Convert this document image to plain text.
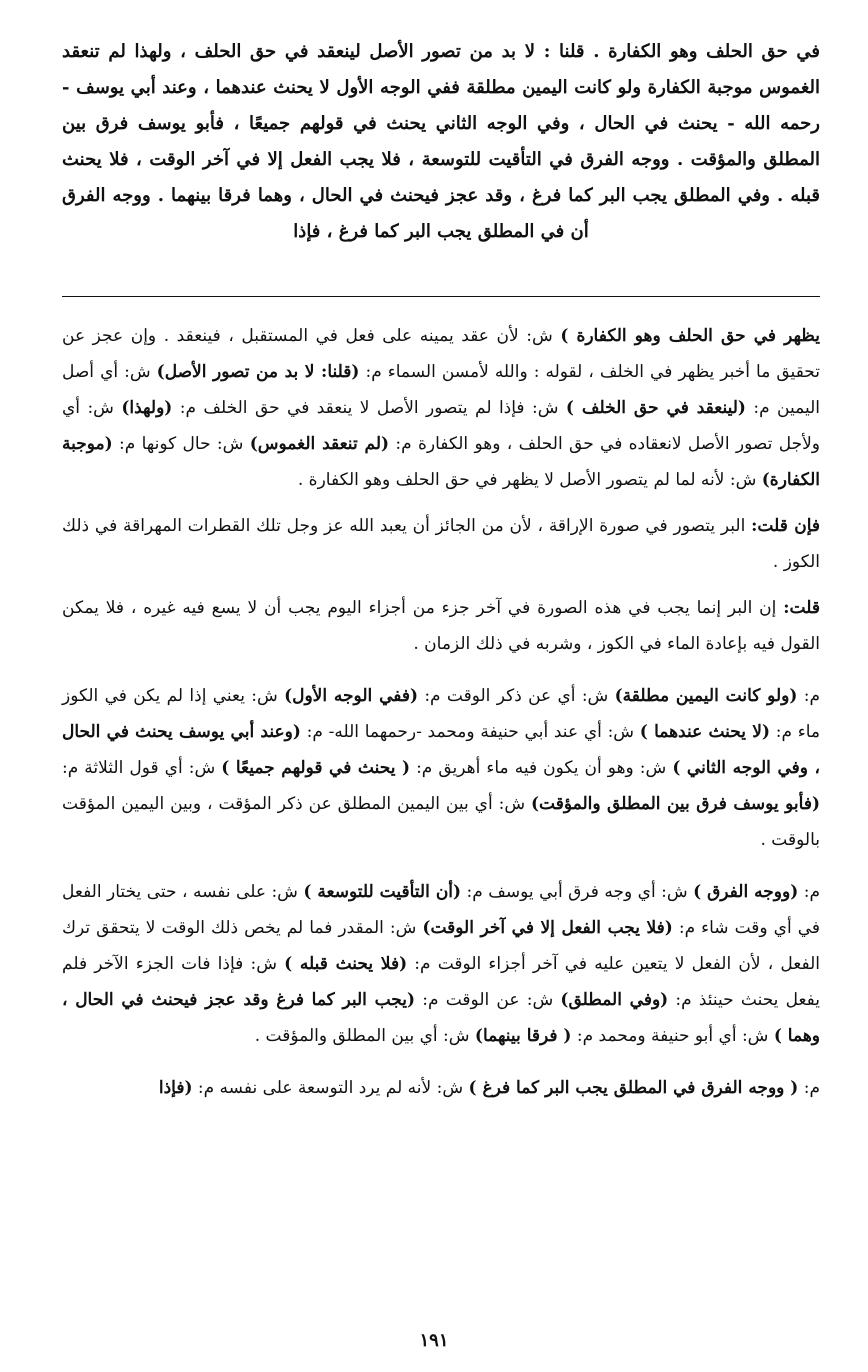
في حق الحلف وهو الكفارة . قلنا : لا بد من تصور الأصل لينعقد في حق الحلف ، ولهذا لم تنعقد الغموس موجبة الكفارة ولو كانت اليمين مطلقة ففي الوجه الأول لا يحنث عندهما ، وعند أبي يوسف - رحمه الله - يحنث في الحال ، وفي الوجه الثاني يحنث في قولهم جميعًا ، فأبو يوسف فرق بين المطلق والمؤقت . ووجه الفرق في التأقيت للتوسعة ، فلا يجب الفعل إلا في آخر الوقت ، فلا يحنث قبله . وفي المطلق يجب البر كما فرغ ، وقد عجز فيحنث في الحال ، وهما فرقا بينهما . ووجه الفرق أن في المطلق يجب البر كما فرغ ، فإذا

يظهر في حق الحلف وهو الكفارة ) ش: لأن عقد يمينه على فعل في المستقبل ، فينعقد . وإن عجز عن تحقيق ما أخبر يظهر في الخلف ، لقوله : والله لأمسن السماء م: (قلنا: لا بد من تصور الأصل) ش: أي أصل اليمين م: (لينعقد في حق الخلف ) ش: فإذا لم يتصور الأصل لا ينعقد في حق الخلف م: (ولهذا) ش: أي ولأجل تصور الأصل لانعقاده في حق الحلف ، وهو الكفارة م: (لم تنعقد الغموس) ش: حال كونها م: (موجبة الكفارة) ش: لأنه لما لم يتصور الأصل لا يظهر في حق الحلف وهو الكفارة .

فإن قلت: البر يتصور في صورة الإراقة ، لأن من الجائز أن يعبد الله عز وجل تلك القطرات المهراقة في ذلك الكوز .

قلت: إن البر إنما يجب في هذه الصورة في آخر جزء من أجزاء اليوم يجب أن لا يسع فيه غيره ، فلا يمكن القول فيه بإعادة الماء في الكوز ، وشربه في ذلك الزمان .

م: (ولو كانت اليمين مطلقة) ش: أي عن ذكر الوقت م: (ففي الوجه الأول) ش: يعني إذا لم يكن في الكوز ماء م: (لا يحنث عندهما ) ش: أي عند أبي حنيفة ومحمد -رحمهما الله- م: (وعند أبي يوسف يحنث في الحال ، وفي الوجه الثاني ) ش: وهو أن يكون فيه ماء أهريق م: ( يحنث في قولهم جميعًا ) ش: أي قول الثلاثة م: (فأبو يوسف فرق بين المطلق والمؤقت) ش: أي بين اليمين المطلق عن ذكر المؤقت ، وبين اليمين المؤقت بالوقت .

م: (ووجه الفرق ) ش: أي وجه فرق أبي يوسف م: (أن التأقيت للتوسعة ) ش: على نفسه ، حتى يختار الفعل في أي وقت شاء م: (فلا يجب الفعل إلا في آخر الوقت) ش: المقدر فما لم يخص ذلك الوقت لا يتحقق ترك الفعل ، لأن الفعل لا يتعين عليه في آخر أجزاء الوقت م: (فلا يحنث قبله ) ش: فإذا فات الجزء الآخر فلم يفعل يحنث حينئذ م: (وفي المطلق) ش: عن الوقت م: (يجب البر كما فرغ وقد عجز فيحنث في الحال ، وهما ) ش: أي أبو حنيفة ومحمد م: ( فرقا بينهما) ش: أي بين المطلق والمؤقت .

م: ( ووجه الفرق في المطلق يجب البر كما فرغ ) ش: لأنه لم يرد التوسعة على نفسه م: (فإذا

١٩١
